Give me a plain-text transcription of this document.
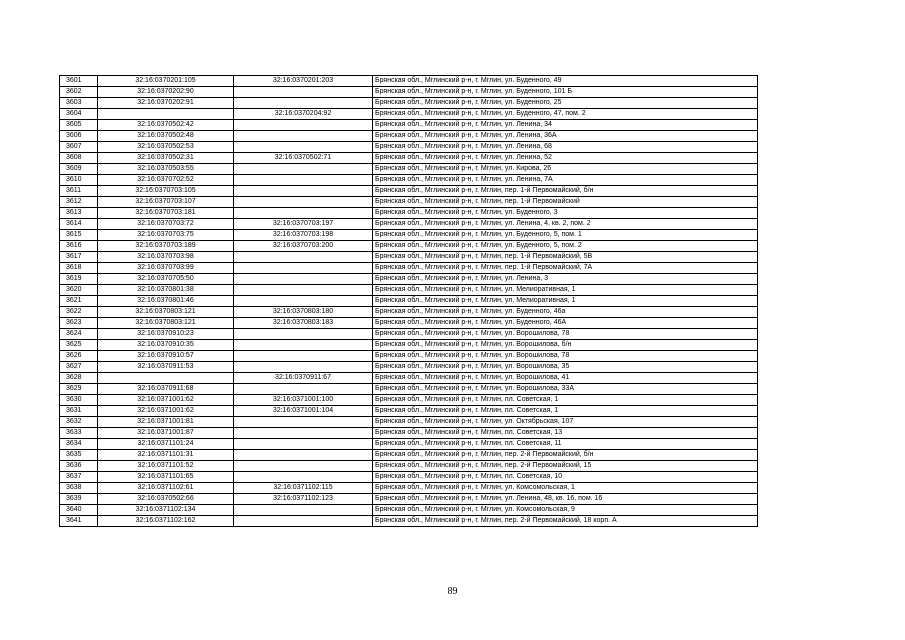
3601	32:16:0370201:105	32:16:0370201:203	Брянская обл., Мглинский р-н, г. Мглин, ул. Буденного, 49
3602	32:16:0370202:90		Брянская обл., Мглинский р-н, г. Мглин, ул. Буденного, 101 Б
3603	32:16:0370202:91		Брянская обл., Мглинский р-н, г. Мглин, ул. Буденного, 25
3604		32:16:0370204:92	Брянская обл., Мглинский р-н, г. Мглин, ул. Буденного, 47, пом. 2
3605	32:16:0370502:42		Брянская обл., Мглинский р-н, г. Мглин, ул. Ленина, 34
3606	32:16:0370502:48		Брянская обл., Мглинский р-н, г. Мглин, ул. Ленина, 36А
3607	32:16:0370502:53		Брянская обл., Мглинский р-н, г. Мглин, ул. Ленина, 68
3608	32:16:0370502:31	32:16:0370502:71	Брянская обл., Мглинский р-н, г. Мглин, ул. Ленина, 52
3609	32:16:0370503:55		Брянская обл., Мглинский р-н, г. Мглин, ул. Кирова, 26
3610	32:16:0370702:52		Брянская обл., Мглинский р-н, г. Мглин, ул. Ленина, 7А
3611	32:16:0370703:105		Брянская обл., Мглинский р-н, г. Мглин, пер. 1-й Первомайский, б/н
3612	32:16:0370703:107		Брянская обл., Мглинский р-н, г. Мглин, пер. 1-й Первомайский
3613	32:16:0370703:181		Брянская обл., Мглинский р-н, г. Мглин, ул. Буденного, 3
3614	32:16:0370703:72	32:16:0370703:197	Брянская обл., Мглинский р-н, г. Мглин, ул. Ленина, 4, кв. 2, пом. 2
3615	32:16:0370703:75	32:16:0370703:198	Брянская обл., Мглинский р-н, г. Мглин, ул. Буденного, 5, пом. 1
3616	32:16:0370703:189	32:16:0370703:200	Брянская обл., Мглинский р-н, г. Мглин, ул. Буденного, 5, пом. 2
3617	32:16:0370703:98		Брянская обл., Мглинский р-н, г. Мглин, пер. 1-й Первомайский, 5В
3618	32:16:0370703:99		Брянская обл., Мглинский р-н, г. Мглин, пер. 1-й Первомайский, 7А
3619	32:16:0370705:50		Брянская обл., Мглинский р-н, г. Мглин, ул. Ленина, 3
3620	32:16:0370801:38		Брянская обл., Мглинский р-н, г. Мглин, ул. Мелиоративная, 1
3621	32:16:0370801:46		Брянская обл., Мглинский р-н, г. Мглин, ул. Мелиоративная, 1
3622	32:16:0370803:121	32:16:0370803:180	Брянская обл., Мглинский р-н, г. Мглин, ул. Буденного, 46а
3623	32:16:0370803:121	32:16:0370803:183	Брянская обл., Мглинский р-н, г. Мглин, ул. Буденного, 46А
3624	32:16:0370910:23		Брянская обл., Мглинский р-н, г. Мглин, ул. Ворошилова, 78
3625	32:16:0370910:35		Брянская обл., Мглинский р-н, г. Мглин, ул. Ворошилова, б/н
3626	32:16:0370910:57		Брянская обл., Мглинский р-н, г. Мглин, ул. Ворошилова, 78
3627	32:16:0370911:53		Брянская обл., Мглинский р-н, г. Мглин, ул. Ворошилова, 35
3628		32:16:0370911:67	Брянская обл., Мглинский р-н, г. Мглин, ул. Ворошилова, 41
3629	32:16:0370911:68		Брянская обл., Мглинский р-н, г. Мглин, ул. Ворошилова, 33А
3630	32:16:0371001:62	32:16:0371001:100	Брянская обл., Мглинский р-н, г. Мглин, пл. Советская, 1
3631	32:16:0371001:62	32:16:0371001:104	Брянская обл., Мглинский р-н, г. Мглин, пл. Советская, 1
3632	32:16:0371001:81		Брянская обл., Мглинский р-н, г. Мглин, ул. Октябрьская, 107
3633	32:16:0371001:87		Брянская обл., Мглинский р-н, г. Мглин, пл. Советская, 13
3634	32:16:0371101:24		Брянская обл., Мглинский р-н, г. Мглин, пл. Советская, 11
3635	32:16:0371101:31		Брянская обл., Мглинский р-н, г. Мглин, пер. 2-й Первомайский, б/н
3636	32:16:0371101:52		Брянская обл., Мглинский р-н, г. Мглин, пер. 2-й Первомайский, 15
3637	32:16:0371101:65		Брянская обл., Мглинский р-н, г. Мглин, пл. Советская, 10
3638	32:16:0371102:61	32:16:0371102:115	Брянская обл., Мглинский р-н, г. Мглин, ул. Комсомольская, 1
3639	32:16:0370502:66	32:16:0371102:123	Брянская обл., Мглинский р-н, г. Мглин, ул. Ленина, 48, кв. 16, пом. 16
3640	32:16:0371102:134		Брянская обл., Мглинский р-н, г. Мглин, ул. Комсомольская, 9
3641	32:16:0371102:162		Брянская обл., Мглинский р-н, г. Мглин, пер. 2-й Первомайский, 18 корп. А
89
